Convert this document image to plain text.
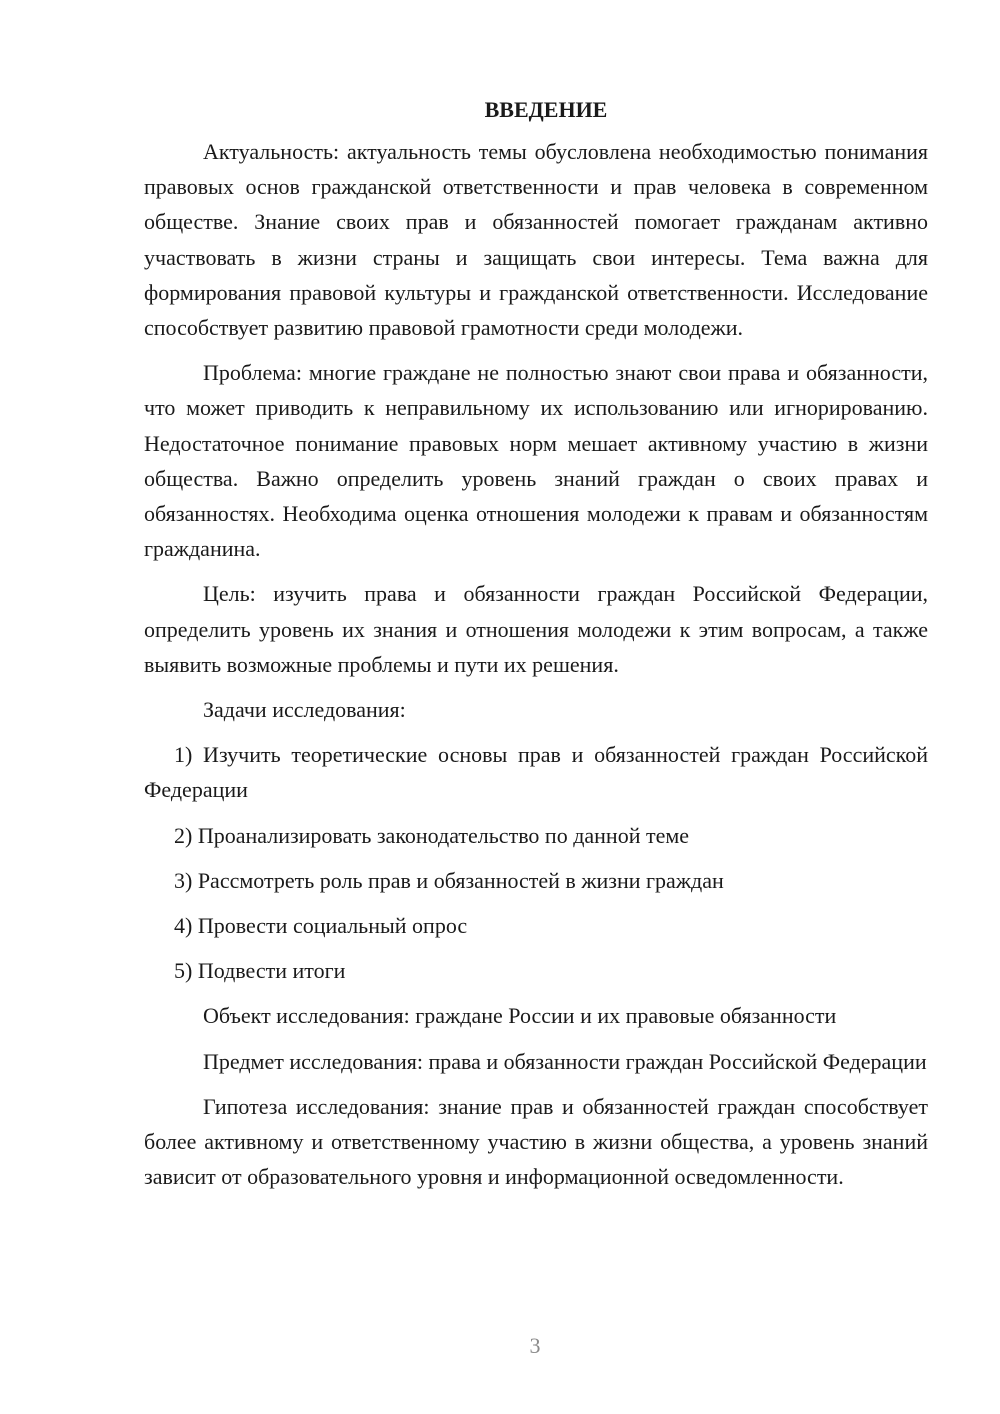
ВВЕДЕНИЕ

Актуальность: актуальность темы обусловлена необходимостью понимания правовых основ гражданской ответственности и прав человека в современном обществе. Знание своих прав и обязанностей помогает гражданам активно участвовать в жизни страны и защищать свои интересы. Тема важна для формирования правовой культуры и гражданской ответственности. Исследование способствует развитию правовой грамотности среди молодежи.

Проблема: многие граждане не полностью знают свои права и обязанности, что может приводить к неправильному их использованию или игнорированию. Недостаточное понимание правовых норм мешает активному участию в жизни общества. Важно определить уровень знаний граждан о своих правах и обязанностях. Необходима оценка отношения молодежи к правам и обязанностям гражданина.

Цель: изучить права и обязанности граждан Российской Федерации, определить уровень их знания и отношения молодежи к этим вопросам, а также выявить возможные проблемы и пути их решения.

Задачи исследования:

1) Изучить теоретические основы прав и обязанностей граждан Российской Федерации

2) Проанализировать законодательство по данной теме

3) Рассмотреть роль прав и обязанностей в жизни граждан

4) Провести социальный опрос

5) Подвести итоги

Объект исследования: граждане России и их правовые обязанности

Предмет исследования: права и обязанности граждан Российской Федерации

Гипотеза исследования: знание прав и обязанностей граждан способствует более активному и ответственному участию в жизни общества, а уровень знаний зависит от образовательного уровня и информационной осведомленности.

3
